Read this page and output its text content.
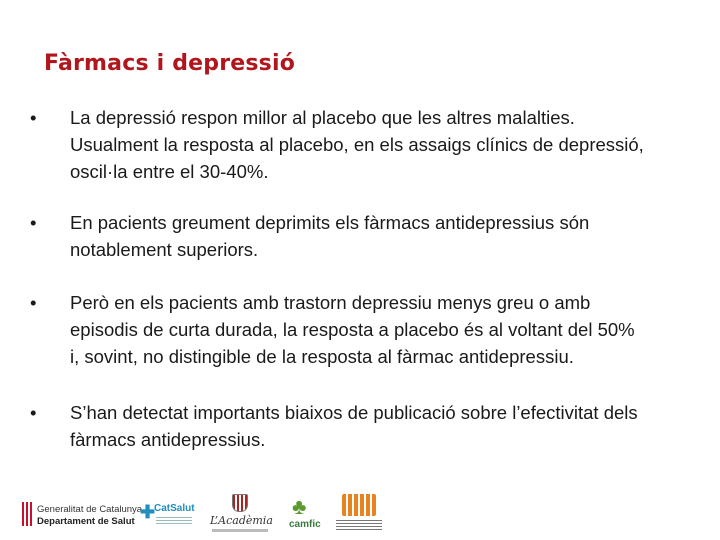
Fàrmacs i depressió
•	La depressió respon millor al placebo que les altres malalties.
Usualment la resposta al placebo, en els assaigs clínics de depressió,
oscil·la entre el 30-40%.
•	En pacients greument deprimits els fàrmacs antidepressius són
notablement superiors.
•	Però en els pacients amb trastorn depressiu menys greu o amb
episodis de curta durada, la resposta a placebo és al voltant del 50%
i, sovint, no distingible de la resposta al fàrmac antidepressiu.
•	S’han detectat importants biaixos de publicació sobre l’efectivitat dels
fàrmacs antidepressius.
Generalitat de Catalunya
Departament de Salut ✚
CatSalut
L’Acadèmia
♣
camfic
